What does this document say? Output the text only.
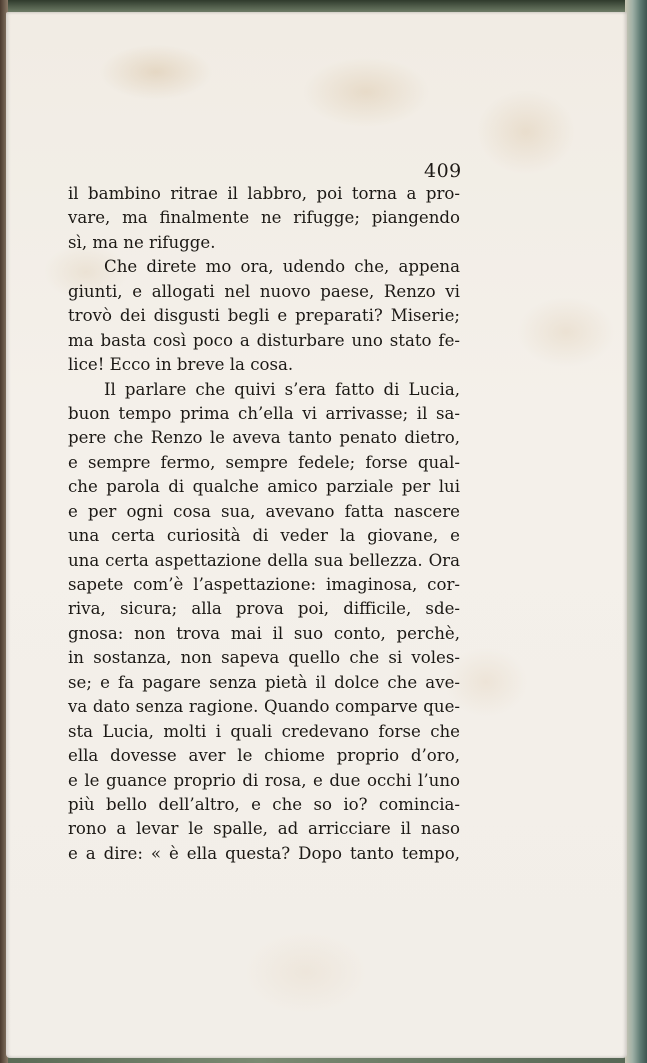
409
il bambino ritrae il labbro, poi torna a pro-
vare, ma finalmente ne rifugge; piangendo
sì, ma ne rifugge.
Che direte mo ora, udendo che, appena
giunti, e allogati nel nuovo paese, Renzo vi
trovò dei disgusti begli e preparati? Miserie;
ma basta così poco a disturbare uno stato fe-
lice! Ecco in breve la cosa.
Il parlare che quivi s’era fatto di Lucia,
buon tempo prima ch’ella vi arrivasse; il sa-
pere che Renzo le aveva tanto penato dietro,
e sempre fermo, sempre fedele; forse qual-
che parola di qualche amico parziale per lui
e per ogni cosa sua, avevano fatta nascere
una certa curiosità di veder la giovane, e
una certa aspettazione della sua bellezza. Ora
sapete com’è l’aspettazione: imaginosa, cor-
riva, sicura; alla prova poi, difficile, sde-
gnosa: non trova mai il suo conto, perchè,
in sostanza, non sapeva quello che si voles-
se; e fa pagare senza pietà il dolce che ave-
va dato senza ragione. Quando comparve que-
sta Lucia, molti i quali credevano forse che
ella dovesse aver le chiome proprio d’oro,
e le guance proprio di rosa, e due occhi l’uno
più bello dell’altro, e che so io? comincia-
rono a levar le spalle, ad arricciare il naso
e a dire: « è ella questa? Dopo tanto tempo,
